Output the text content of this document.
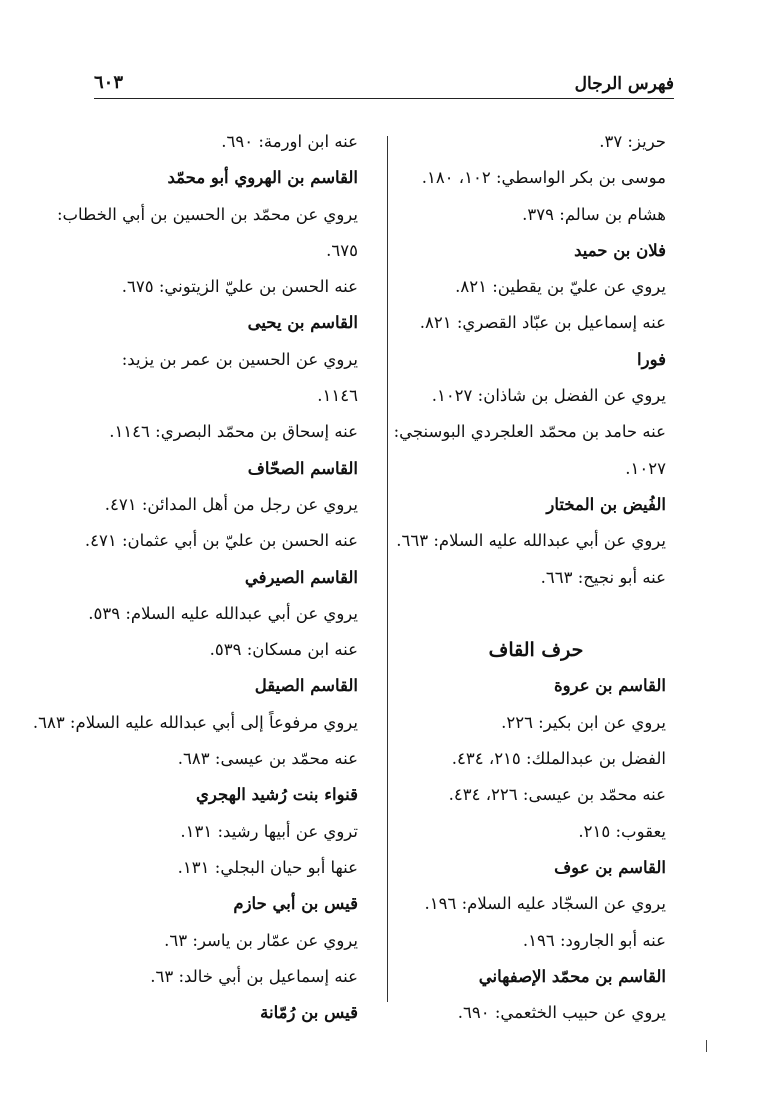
فهرس الرجال
٦٠٣
حريز: ٣٧.
موسى بن بكر الواسطي: ١٠٢، ١٨٠.
هشام بن سالم: ٣٧٩.
فلان بن حميد
يروي عن عليّ بن يقطين: ٨٢١.
عنه إسماعيل بن عبّاد القصري: ٨٢١.
فورا
يروي عن الفضل بن شاذان: ١٠٢٧.
عنه حامد بن محمّد العلجردي البوسنجي:
١٠٢٧.
الفُيض بن المختار
يروي عن أبي عبدالله عليه السلام: ٦٦٣.
عنه أبو نجيح: ٦٦٣.
حرف القاف
القاسم بن عروة
يروي عن ابن بكير: ٢٢٦.
الفضل بن عبدالملك: ٢١٥، ٤٣٤.
عنه محمّد بن عيسى: ٢٢٦، ٤٣٤.
يعقوب: ٢١٥.
القاسم بن عوف
يروي عن السجّاد عليه السلام: ١٩٦.
عنه أبو الجارود: ١٩٦.
القاسم بن محمّد الإصفهاني
يروي عن حبيب الخثعمي: ٦٩٠.
عنه ابن اورمة: ٦٩٠.
القاسم بن الهروي أبو محمّد
يروي عن محمّد بن الحسين بن أبي الخطاب:
٦٧٥.
عنه الحسن بن عليّ الزيتوني: ٦٧٥.
القاسم بن يحيى
يروي عن الحسين بن عمر بن يزيد:
١١٤٦.
عنه إسحاق بن محمّد البصري: ١١٤٦.
القاسم الصحّاف
يروي عن رجل من أهل المدائن: ٤٧١.
عنه الحسن بن عليّ بن أبي عثمان: ٤٧١.
القاسم الصيرفي
يروي عن أبي عبدالله عليه السلام: ٥٣٩.
عنه ابن مسكان: ٥٣٩.
القاسم الصيقل
يروي مرفوعاً إلى أبي عبدالله عليه السلام: ٦٨٣.
عنه محمّد بن عيسى: ٦٨٣.
قنواء بنت رُشيد الهجري
تروي عن أبيها رشيد: ١٣١.
عنها أبو حيان البجلي: ١٣١.
قيس بن أبي حازم
يروي عن عمّار بن ياسر: ٦٣.
عنه إسماعيل بن أبي خالد: ٦٣.
قيس بن رُمّانة
